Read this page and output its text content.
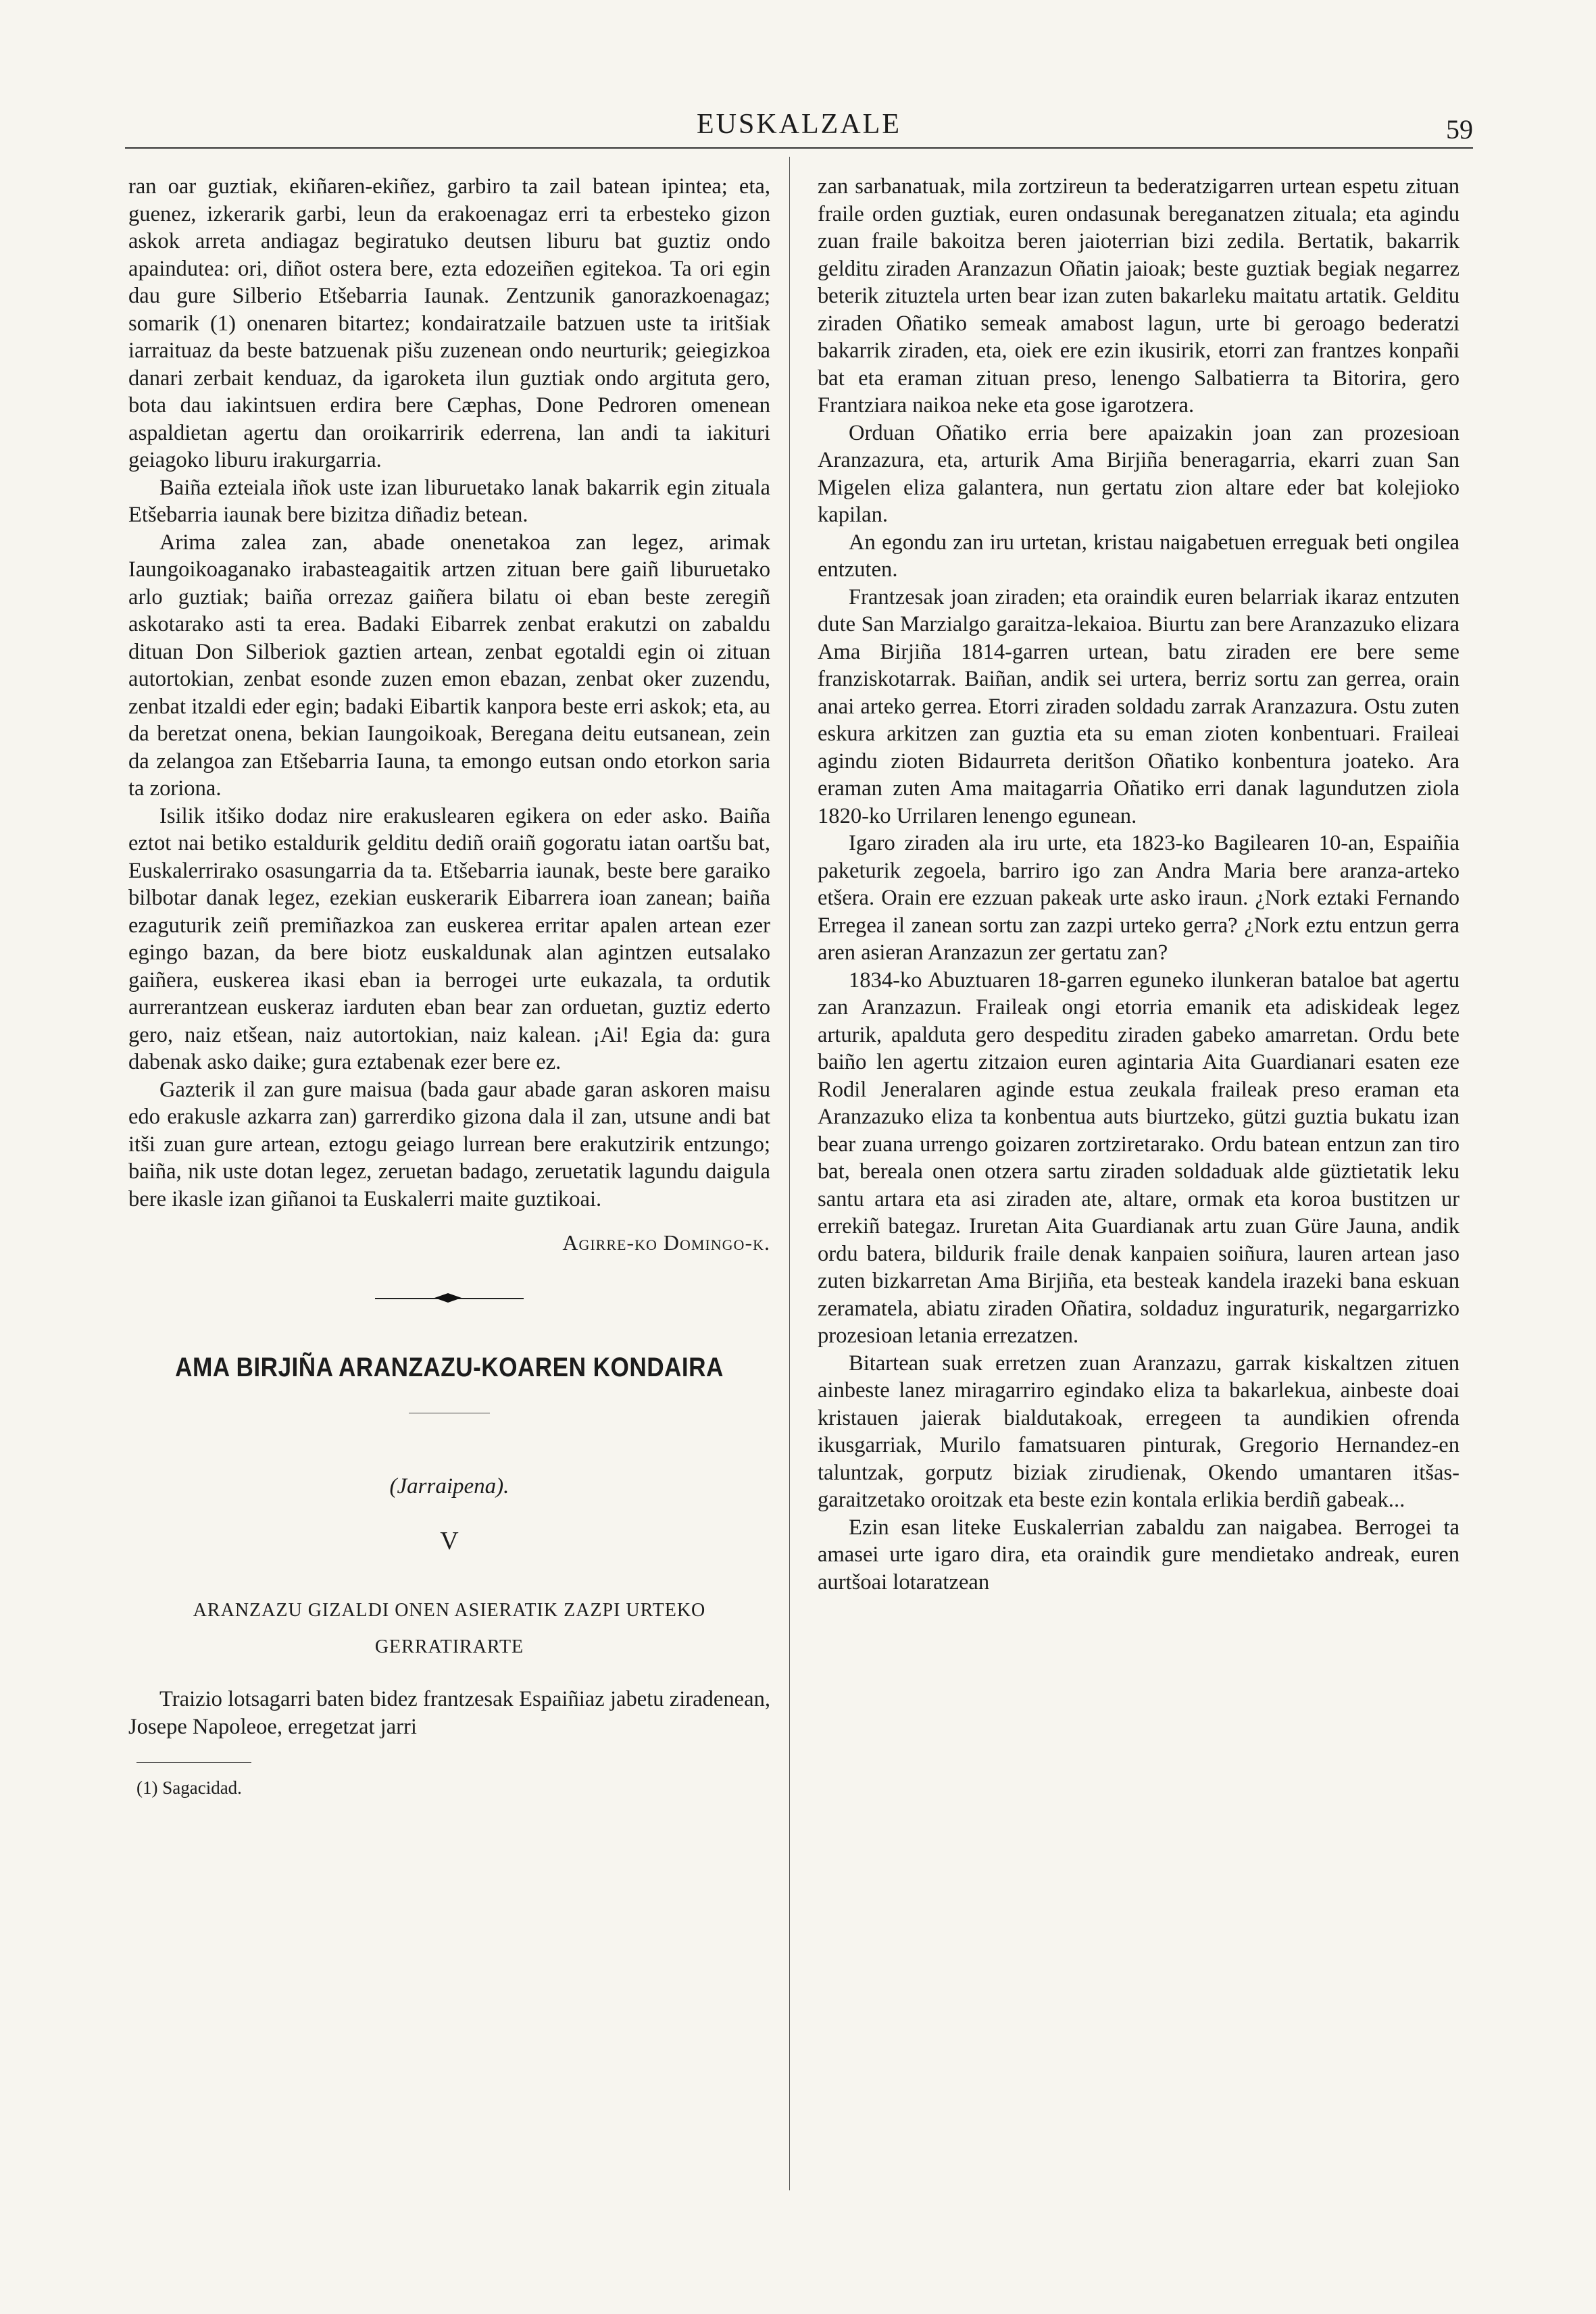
EUSKALZALE	59

ran oar guztiak, ekiñaren-ekiñez, garbiro ta zail batean ipintea; eta, guenez, izkerarik garbi, leun da erakoenagaz erri ta erbesteko gizon askok arreta andiagaz begiratuko deutsen liburu bat guztiz ondo apaindutea: ori, diñot ostera bere, ezta edozeiñen egitekoa. Ta ori egin dau gure Silberio Etšebarria Iaunak. Zentzunik ganorazkoenagaz; somarik (1) onenaren bitartez; kondairatzaile batzuen uste ta iritšiak iarraituaz da beste batzuenak pišu zuzenean ondo neurturik; geiegizkoa danari zerbait kenduaz, da igaroketa ilun guztiak ondo argituta gero, bota dau iakintsuen erdira bere Cæphas, Done Pedroren omenean aspaldietan agertu dan oroikarririk ederrena, lan andi ta iakituri geiagoko liburu irakurgarria.

Baiña ezteiala iñok uste izan liburuetako lanak bakarrik egin zituala Etšebarria iaunak bere bizitza diñadiz betean.

Arima zalea zan, abade onenetakoa zan legez, arimak Iaungoikoaganako irabasteagaitik artzen zituan bere gaiñ liburuetako arlo guztiak; baiña orrezaz gaiñera bilatu oi eban beste zeregiñ askotarako asti ta erea. Badaki Eibarrek zenbat erakutzi on zabaldu dituan Don Silberiok gaztien artean, zenbat egotaldi egin oi zituan autortokian, zenbat esonde zuzen emon ebazan, zenbat oker zuzendu, zenbat itzaldi eder egin; badaki Eibartik kanpora beste erri askok; eta, au da beretzat onena, bekian Iaungoikoak, Beregana deitu eutsanean, zein da zelangoa zan Etšebarria Iauna, ta emongo eutsan ondo etorkon saria ta zoriona.

Isilik itšiko dodaz nire erakuslearen egikera on eder asko. Baiña eztot nai betiko estaldurik gelditu dediñ oraiñ gogoratu iatan oartšu bat, Euskalerrirako osasungarria da ta. Etšebarria iaunak, beste bere garaiko bilbotar danak legez, ezekian euskerarik Eibarrera ioan zanean; baiña ezaguturik zeiñ premiñazkoa zan euskerea erritar apalen artean ezer egingo bazan, da bere biotz euskaldunak alan agintzen eutsalako gaiñera, euskerea ikasi eban ia berrogei urte eukazala, ta ordutik aurrerantzean euskeraz iarduten eban bear zan orduetan, guztiz ederto gero, naiz etšean, naiz autortokian, naiz kalean. ¡Ai! Egia da: gura dabenak asko daike; gura eztabenak ezer bere ez.

Gazterik il zan gure maisua (bada gaur abade garan askoren maisu edo erakusle azkarra zan) garrerdiko gizona dala il zan, utsune andi bat itši zuan gure artean, eztogu geiago lurrean bere erakutzirik entzungo; baiña, nik uste dotan legez, zeruetan badago, zeruetatik lagundu daigula bere ikasle izan giñanoi ta Euskalerri maite guztikoai.

Agirre-ko Domingo-k.

AMA BIRJIÑA ARANZAZU-KOAREN KONDAIRA

(Jarraipena).

V

ARANZAZU GIZALDI ONEN ASIERATIK ZAZPI URTEKO
GERRATIRARTE

Traizio lotsagarri baten bidez frantzesak Espaiñiaz jabetu ziradenean, Josepe Napoleoe, erregetzat jarri

(1) Sagacidad.

zan sarbanatuak, mila zortzireun ta bederatzigarren urtean espetu zituan fraile orden guztiak, euren ondasunak bereganatzen zituala; eta agindu zuan fraile bakoitza beren jaioterrian bizi zedila. Bertatik, bakarrik gelditu ziraden Aranzazun Oñatin jaioak; beste guztiak begiak negarrez beterik zituztela urten bear izan zuten bakarleku maitatu artatik. Gelditu ziraden Oñatiko semeak amabost lagun, urte bi geroago bederatzi bakarrik ziraden, eta, oiek ere ezin ikusirik, etorri zan frantzes konpañi bat eta eraman zituan preso, lenengo Salbatierra ta Bitorira, gero Frantziara naikoa neke eta gose igarotzera.

Orduan Oñatiko erria bere apaizakin joan zan prozesioan Aranzazura, eta, arturik Ama Birjiña beneragarria, ekarri zuan San Migelen eliza galantera, nun gertatu zion altare eder bat kolejioko kapilan.

An egondu zan iru urtetan, kristau naigabetuen erreguak beti ongilea entzuten.

Frantzesak joan ziraden; eta oraindik euren belarriak ikaraz entzuten dute San Marzialgo garaitza-lekaioa. Biurtu zan bere Aranzazuko elizara Ama Birjiña 1814-garren urtean, batu ziraden ere bere seme franziskotarrak. Baiñan, andik sei urtera, berriz sortu zan gerrea, orain anai arteko gerrea. Etorri ziraden soldadu zarrak Aranzazura. Ostu zuten eskura arkitzen zan guztia eta su eman zioten konbentuari. Fraileai agindu zioten Bidaurreta deritšon Oñatiko konbentura joateko. Ara eraman zuten Ama maitagarria Oñatiko erri danak lagundutzen ziola 1820-ko Urrilaren lenengo egunean.

Igaro ziraden ala iru urte, eta 1823-ko Bagilearen 10-an, Espaiñia paketurik zegoela, barriro igo zan Andra Maria bere aranza-arteko etšera. Orain ere ezzuan pakeak urte asko iraun. ¿Nork eztaki Fernando Erregea il zanean sortu zan zazpi urteko gerra? ¿Nork eztu entzun gerra aren asieran Aranzazun zer gertatu zan?

1834-ko Abuztuaren 18-garren eguneko ilunkeran bataloe bat agertu zan Aranzazun. Fraileak ongi etorria emanik eta adiskideak legez arturik, apalduta gero despeditu ziraden gabeko amarretan. Ordu bete baiño len agertu zitzaion euren agintaria Aita Guardianari esaten eze Rodil Jeneralaren aginde estua zeukala fraileak preso eraman eta Aranzazuko eliza ta konbentua auts biurtzeko, gützi guztia bukatu izan bear zuana urrengo goizaren zortziretarako. Ordu batean entzun zan tiro bat, bereala onen otzera sartu ziraden soldaduak alde güztietatik leku santu artara eta asi ziraden ate, altare, ormak eta koroa bustitzen ur errekiñ bategaz. Iruretan Aita Guardianak artu zuan Güre Jauna, andik ordu batera, bildurik fraile denak kanpaien soiñura, lauren artean jaso zuten bizkarretan Ama Birjiña, eta besteak kandela irazeki bana eskuan zeramatela, abiatu ziraden Oñatira, soldaduz inguraturik, negargarrizko prozesioan letania errezatzen.

Bitartean suak erretzen zuan Aranzazu, garrak kiskaltzen zituen ainbeste lanez miragarriro egindako eliza ta bakarlekua, ainbeste doai kristauen jaierak bialdutakoak, erregeen ta aundikien ofrenda ikusgarriak, Murilo famatsuaren pinturak, Gregorio Hernandez-en taluntzak, gorputz biziak zirudienak, Okendo umantaren itšas-garaitzetako oroitzak eta beste ezin kontala erlikia berdiñ gabeak...

Ezin esan liteke Euskalerrian zabaldu zan naigabea. Berrogei ta amasei urte igaro dira, eta oraindik gure mendietako andreak, euren aurtšoai lotaratzean
